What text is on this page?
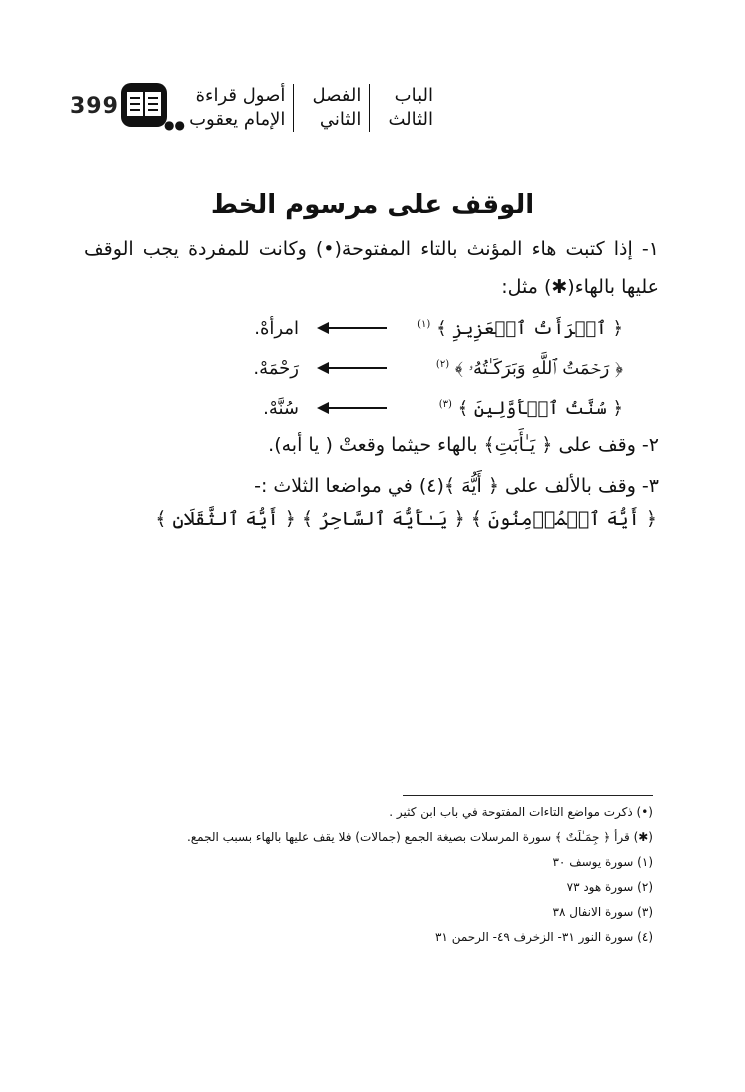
399
●●
الباب
الثالث
الفصل
الثاني
أصول قراءة
الإمام يعقوب
الوقف على مرسوم الخط
١- إذا كتبت هاء المؤنث بالتاء المفتوحة(•) وكانت للمفردة يجب الوقف عليها بالهاء(✱) مثل:
﴿ ٱمۡرَأَتُ ٱلۡعَزِيزِ ﴾ $^{(١)}$
امرأهْ.
﴿ رَحۡمَتُ ٱللَّهِ وَبَرَكَـٰتُهُۥ ﴾ $^{(٢)}$
رَحْمَهْ.
﴿ سُنَّتُ ٱلۡأَوَّلِينَ ﴾ $^{(٣)}$
سُنَّهْ.
٢- وقف على ﴿ يَـٰأَبَتِ﴾ بالهاء حيثما وقعتْ ( يا أبه).
٣- وقف بالألف على ﴿ أَيُّهَ ﴾(٤) في مواضعا الثلاث :-
﴿ أَيُّهَ ٱلۡمُؤۡمِنُونَ ﴾ ﴿ يَـٰأَيُّهَ ٱلسَّاحِرُ ﴾ ﴿ أَيُّهَ ٱلثَّقَلَانِ ﴾
(•) ذكرت مواضع التاءات المفتوحة في باب ابن كثير .
(✱) قرأ ﴿ جِمَـٰلَتٌ ﴾ سورة المرسلات بصيغة الجمع (جمالات) فلا يقف عليها بالهاء بسبب الجمع.
(١) سورة يوسف ٣٠
(٢) سورة هود ٧٣
(٣) سورة الانفال ٣٨
(٤) سورة النور ٣١- الزخرف ٤٩- الرحمن ٣١
